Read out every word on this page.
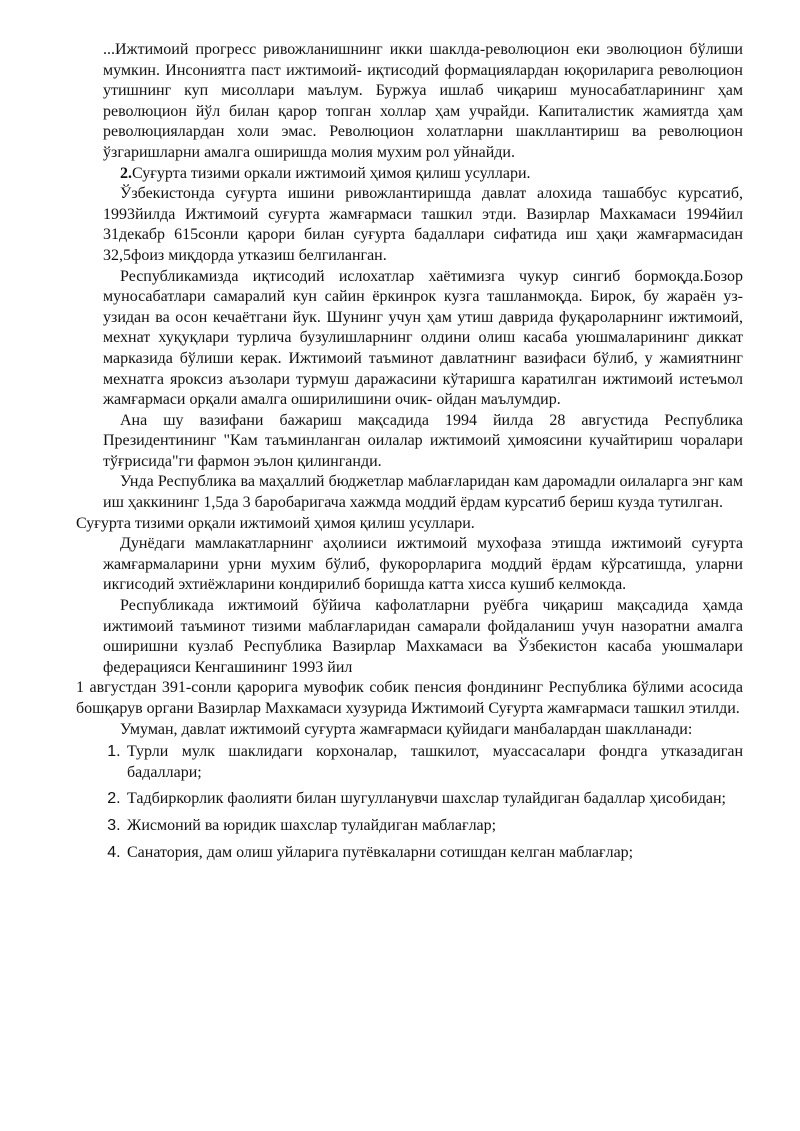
...Ижтимоий прогресс ривожланишнинг икки шаклда-революцион еки эволюцион бўлиши мумкин. Инсониятга паст ижтимоий- иқтисодий формациялардан юқориларига революцион утишнинг куп мисоллари маълум. Буржуа ишлаб чиқариш муносабатларининг ҳам революцион йўл билан қарор топган холлар ҳам учрайди. Капиталистик жамиятда ҳам революциялардан холи эмас. Революцион холатларни шакллантириш ва революцион ўзгаришларни амалга оширишда молия мухим рол уйнайди.

2.Суғурта тизими оркали ижтимоий ҳимоя қилиш усуллари.

Ўзбекистонда суғурта ишини ривожлантиришда давлат алохида ташаббус курсатиб, 1993йилда Ижтимоий суғурта жамғармаси ташкил этди. Вазирлар Махкамаси 1994йил 31декабр 615сонли қарори билан суғурта бадаллари сифатида иш ҳақи жамғармасидан 32,5фоиз миқдорда утказиш белгиланган.

Республикамизда иқтисодий ислохатлар хаётимизга чукур сингиб бормоқда.Бозор муносабатлари самаралий кун сайин ёркинрок кузга ташланмоқда. Бирок, бу жараён уз-узидан ва осон кечаётгани йук. Шунинг учун ҳам утиш даврида фуқароларнинг ижтимоий, мехнат хуқуқлари турлича бузулишларнинг олдини олиш касаба уюшмаларининг диккат марказида бўлиши керак. Ижтимоий таъминот давлатнинг вазифаси бўлиб, у жамиятнинг мехнатга яроксиз аъзолари турмуш даражасини кўтаришга каратилган ижтимоий истеъмол жамғармаси орқали амалга оширилишини очик- ойдан маълумдир.

Ана шу вазифани бажариш мақсадида 1994 йилда 28 августида Республика Президентининг "Кам таъминланган оилалар ижтимоий ҳимоясини кучайтириш чоралари тўғрисида"ги фармон эълон қилинганди.

Унда Республика ва маҳаллий бюджетлар маблағларидан кам даромадли оилаларга энг кам иш ҳаккининг 1,5да 3 баробаригача хажмда моддий ёрдам курсатиб бериш кузда тутилган.

Суғурта тизими орқали ижтимоий ҳимоя қилиш усуллари.

Дунёдаги мамлакатларнинг аҳолииси ижтимоий мухофаза этишда ижтимоий суғурта жамғармаларини урни мухим бўлиб, фукорорларига моддий ёрдам кўрсатишда, уларни икгисодий эхтиёжларини кондирилиб боришда катта хисса кушиб келмокда.

Республикада ижтимоий бўйича кафолатларни руёбга чиқариш мақсадида ҳамда ижтимоий таъминот тизими маблағларидан самарали фойдаланиш учун назоратни амалга оширишни кузлаб Республика Вазирлар Махкамаси ва Ўзбекистон касаба уюшмалари федерацияси Кенгашининг 1993 йил

1 августдан 391-сонли қарорига мувофик собик пенсия фондининг Республика бўлими асосида бошқарув органи Вазирлар Махкамаси хузурида Ижтимоий Суғурта жамғармаси ташкил этилди.

Умуман, давлат ижтимоий суғурта жамғармаси қуйидаги манбалардан шаклланади:

1. Турли мулк шаклидаги корхоналар, ташкилот, муассасалари фондга утказадиган бадаллари;
2. Тадбиркорлик фаолияти билан шугулланувчи шахслар тулайдиган бадаллар ҳисобидан;
3. Жисмоний ва юридик шахслар тулайдиган маблағлар;
4. Санатория, дам олиш уйларига путёвкаларни сотишдан келган маблағлар;
